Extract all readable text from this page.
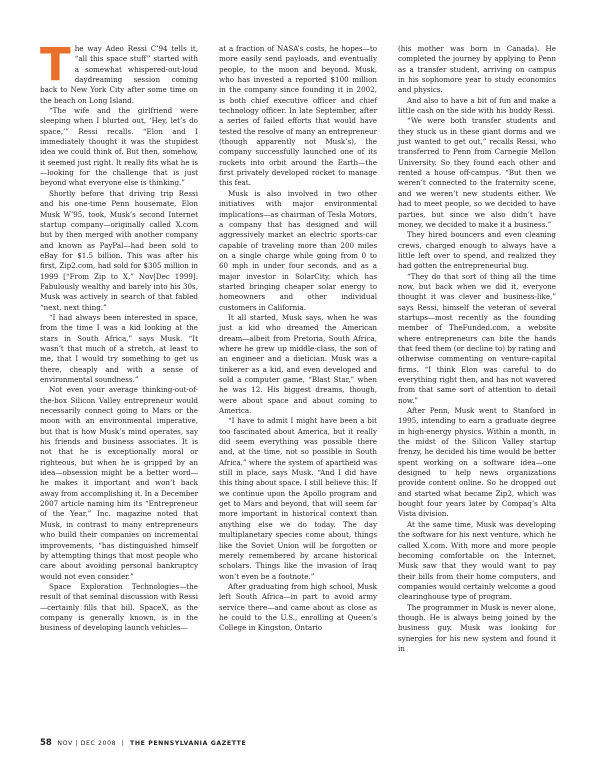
The way Adeo Ressi C’94 tells it, “all this space stuff” started with a somewhat whispered-out-loud daydreaming session coming back to New York City after some time on the beach on Long Island.

“The wife and the girlfriend were sleeping when I blurted out, ‘Hey, let’s do space,’” Ressi recalls. “Elon and I immediately thought it was the stupidest idea we could think of. But then, somehow, it seemed just right. It really fits what he is—looking for the challenge that is just beyond what everyone else is thinking.”

Shortly before that driving trip Ressi and his one-time Penn housemate, Elon Musk W’95, took, Musk’s second Internet startup company—originally called X.com but by then merged with another company and known as PayPal—had been sold to eBay for $1.5 billion. This was after his first, Zip2.com, had sold for $305 million in 1999 [“From Zip to X,” Nov|Dec 1999]. Fabulously wealthy and barely into his 30s, Musk was actively in search of that fabled “next, next thing.”

“I had always been interested in space, from the time I was a kid looking at the stars in South Africa,” says Musk. “It wasn’t that much of a stretch, at least to me, that I would try something to get us there, cheaply and with a sense of environmental soundness.”

Not even your average thinking-out-of-the-box Silicon Valley entrepreneur would necessarily connect going to Mars or the moon with an environmental imperative, but that is how Musk’s mind operates, say his friends and business associates. It is not that he is exceptionally moral or righteous, but when he is gripped by an idea—obsession might be a better word—he makes it important and won’t back away from accomplishing it. In a December 2007 article naming him its “Entrepreneur of the Year,” Inc. magazine noted that Musk, in contrast to many entrepreneurs who build their companies on incremental improvements, “has distinguished himself by attempting things that most people who care about avoiding personal bankruptcy would not even consider.”

Space Exploration Technologies—the result of that seminal discussion with Ressi—certainly fills that bill. SpaceX, as the company is generally known, is in the business of developing launch vehicles—

at a fraction of NASA’s costs, he hopes—to more easily send payloads, and eventually people, to the moon and beyond. Musk, who has invested a reported $100 million in the company since founding it in 2002, is both chief executive officer and chief technology officer. In late September, after a series of failed efforts that would have tested the resolve of many an entrepreneur (though apparently not Musk’s), the company successfully launched one of its rockets into orbit around the Earth—the first privately developed rocket to manage this feat.

Musk is also involved in two other initiatives with major environmental implications—as chairman of Tesla Motors, a company that has designed and will aggressively market an electric sports-car capable of traveling more than 200 miles on a single charge while going from 0 to 60 mph in under four seconds, and as a major investor in SolarCity, which has started bringing cheaper solar energy to homeowners and other individual customers in California.

It all started, Musk says, when he was just a kid who dreamed the American dream—albeit from Pretoria, South Africa, where he grew up middle-class, the son of an engineer and a dietician. Musk was a tinkerer as a kid, and even developed and sold a computer game, “Blast Star,” when he was 12. His biggest dreams, though, were about space and about coming to America.

“I have to admit I might have been a bit too fascinated about America, but it really did seem everything was possible there and, at the time, not so possible in South Africa,” where the system of apartheid was still in place, says Musk. “And I did have this thing about space. I still believe this: If we continue upon the Apollo program and get to Mars and beyond, that will seem far more important in historical context than anything else we do today. The day multiplanetary species come about, things like the Soviet Union will be forgotten or merely remembered by arcane historical scholars. Things like the invasion of Iraq won’t even be a footnote.”

After graduating from high school, Musk left South Africa—in part to avoid army service there—and came about as close as he could to the U.S., enrolling at Queen’s College in Kingston, Ontario

(his mother was born in Canada). He completed the journey by applying to Penn as a transfer student, arriving on campus in his sophomore year to study economics and physics.

And also to have a bit of fun and make a little cash on the side with his buddy Ressi.

“We were both transfer students and they stuck us in these giant dorms and we just wanted to get out,” recalls Ressi, who transferred to Penn from Carnegie Mellon University. So they found each other and rented a house off-campus. “But then we weren’t connected to the fraternity scene, and we weren’t new students either. We had to meet people, so we decided to have parties, but since we also didn’t have money, we decided to make it a business.”

They hired bouncers and even cleaning crews, charged enough to always have a little left over to spend, and realized they had gotten the entrepreneurial bug.

“They do that sort of thing all the time now, but back when we did it, everyone thought it was clever and business-like,” says Ressi, himself the veteran of several startups—most recently as the founding member of TheFunded.com, a website where entrepreneurs can bite the hands that feed them (or decline to) by rating and otherwise commenting on venture-capital firms. “I think Elon was careful to do everything right then, and has not wavered from that same sort of attention to detail now.”

After Penn, Musk went to Stanford in 1995, intending to earn a graduate degree in high-energy physics. Within a month, in the midst of the Silicon Valley startup frenzy, he decided his time would be better spent working on a software idea—one designed to help news organizations provide content online. So he dropped out and started what became Zip2, which was bought four years later by Compaq’s Alta Vista division.

At the same time, Musk was developing the software for his next venture, which he called X.com. With more and more people becoming comfortable on the Internet, Musk saw that they would want to pay their bills from their home computers, and companies would certainly welcome a good clearinghouse type of program.

The programmer in Musk is never alone, though. He is always being joined by the business guy. Musk was looking for synergies for his new system and found it in

58 NOV | DEC 2008 | THE PENNSYLVANIA GAZETTE
